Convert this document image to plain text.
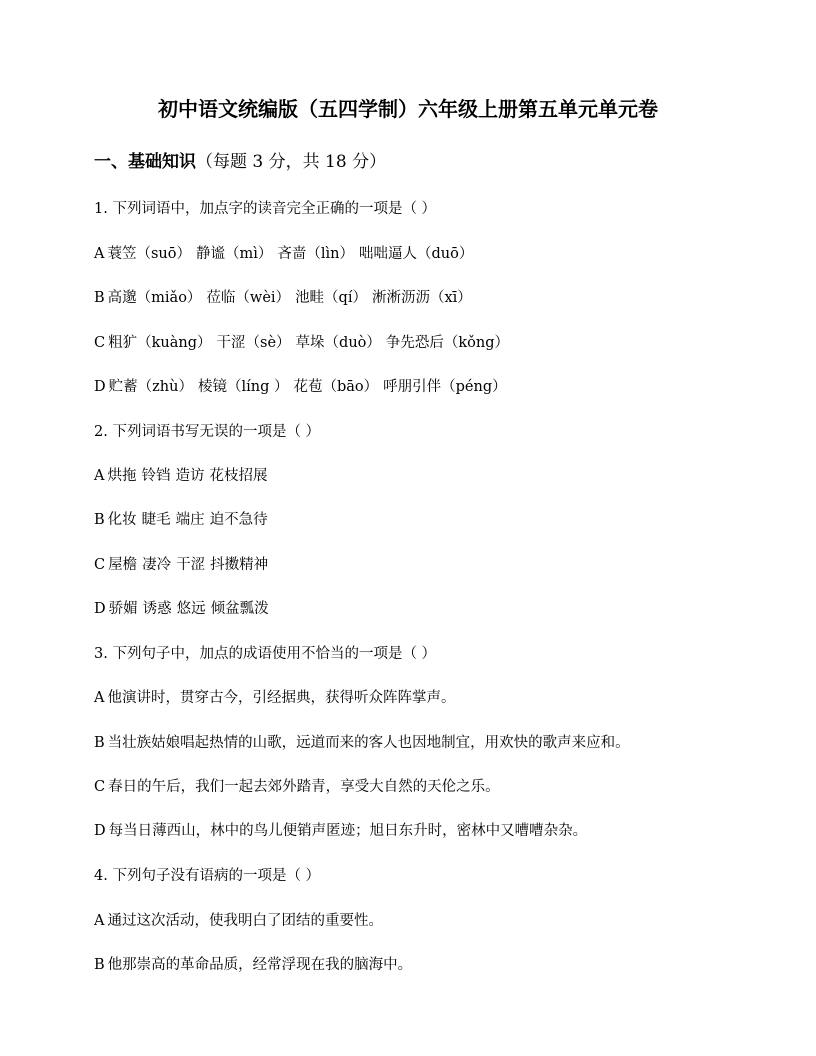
初中语文统编版（五四学制）六年级上册第五单元单元卷
一、基础知识（每题 3 分，共 18 分）
1. 下列词语中，加点字的读音完全正确的一项是（ ）
A 蓑笠（suō） 静谧（mì） 吝啬（lìn） 咄咄逼人（duō）
B 高邈（miǎo） 莅临（wèi） 池畦（qí） 淅淅沥沥（xī）
C 粗犷（kuàng） 干涩（sè） 草垛（duò） 争先恐后（kǒng）
D 贮蓄（zhù） 棱镜（líng ） 花苞（bāo） 呼朋引伴（péng）
2. 下列词语书写无误的一项是（ ）
A 烘拖 铃铛 造访 花枝招展
B 化妆 睫毛 端庄 迫不急待
C 屋檐 凄冷 干涩 抖擞精神
D 骄媚 诱惑 悠远 倾盆瓢泼
3. 下列句子中，加点的成语使用不恰当的一项是（ ）
A 他演讲时，贯穿古今，引经据典，获得听众阵阵掌声。
B 当壮族姑娘唱起热情的山歌，远道而来的客人也因地制宜，用欢快的歌声来应和。
C 春日的午后，我们一起去郊外踏青，享受大自然的天伦之乐。
D 每当日薄西山，林中的鸟儿便销声匿迹；旭日东升时，密林中又嘈嘈杂杂。
4. 下列句子没有语病的一项是（ ）
A 通过这次活动，使我明白了团结的重要性。
B 他那崇高的革命品质，经常浮现在我的脑海中。
